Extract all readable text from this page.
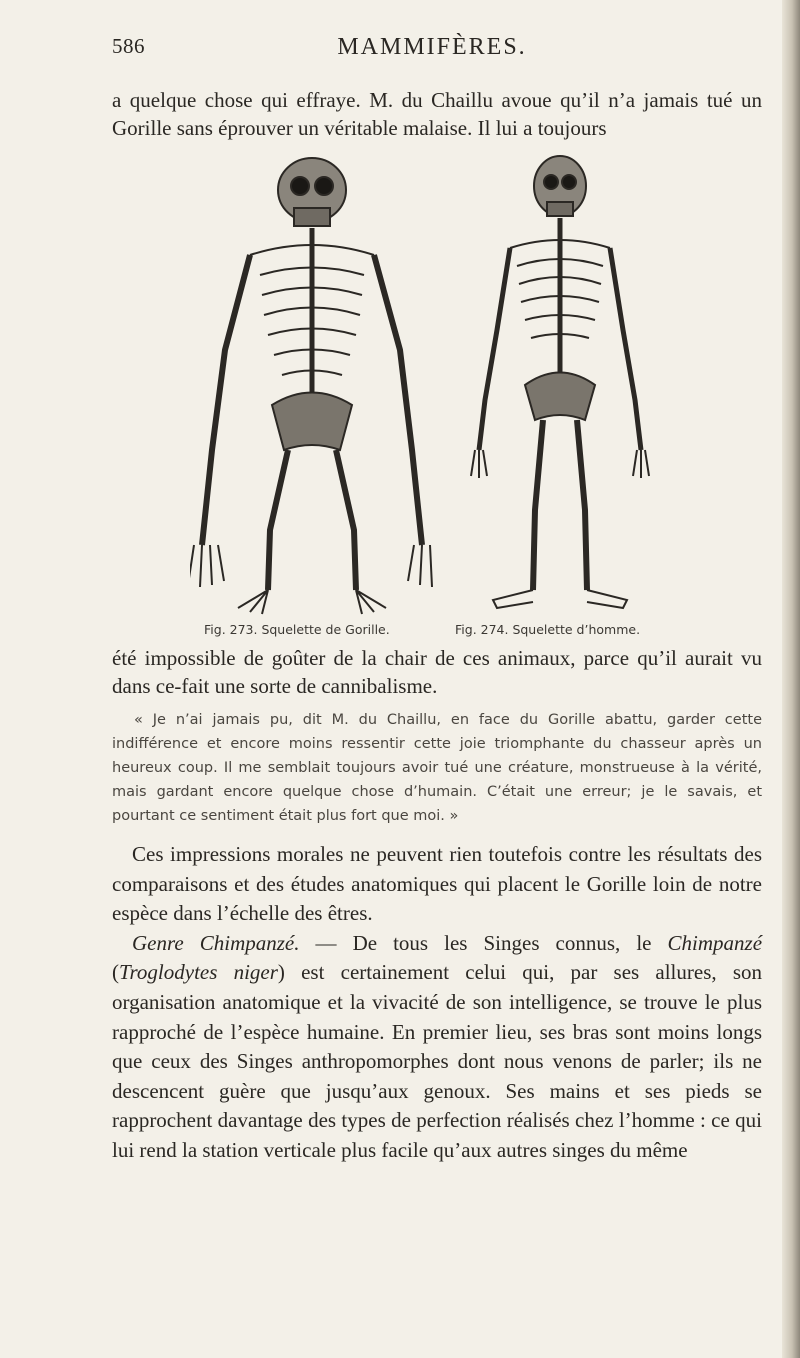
586	MAMMIFÈRES.

a quelque chose qui effraye. M. du Chaillu avoue qu’il n’a jamais tué un Gorille sans éprouver un véritable malaise. Il lui a toujours

Fig. 273. Squelette de Gorille.	Fig. 274. Squelette d’homme.

été impossible de goûter de la chair de ces animaux, parce qu’il aurait vu dans ce-fait une sorte de cannibalisme.

« Je n’ai jamais pu, dit M. du Chaillu, en face du Gorille abattu, garder cette indifférence et encore moins ressentir cette joie triomphante du chasseur après un heureux coup. Il me semblait toujours avoir tué une créature, monstrueuse à la vérité, mais gardant encore quelque chose d’humain. C’était une erreur; je le savais, et pourtant ce sentiment était plus fort que moi. »

Ces impressions morales ne peuvent rien toutefois contre les résultats des comparaisons et des études anatomiques qui placent le Gorille loin de notre espèce dans l’échelle des êtres.

Genre Chimpanzé. — De tous les Singes connus, le Chimpanzé (Troglodytes niger) est certainement celui qui, par ses allures, son organisation anatomique et la vivacité de son intelligence, se trouve le plus rapproché de l’espèce humaine. En premier lieu, ses bras sont moins longs que ceux des Singes anthropomorphes dont nous venons de parler; ils ne descencent guère que jusqu’aux genoux. Ses mains et ses pieds se rapprochent davantage des types de perfection réalisés chez l’homme : ce qui lui rend la station verticale plus facile qu’aux autres singes du même
